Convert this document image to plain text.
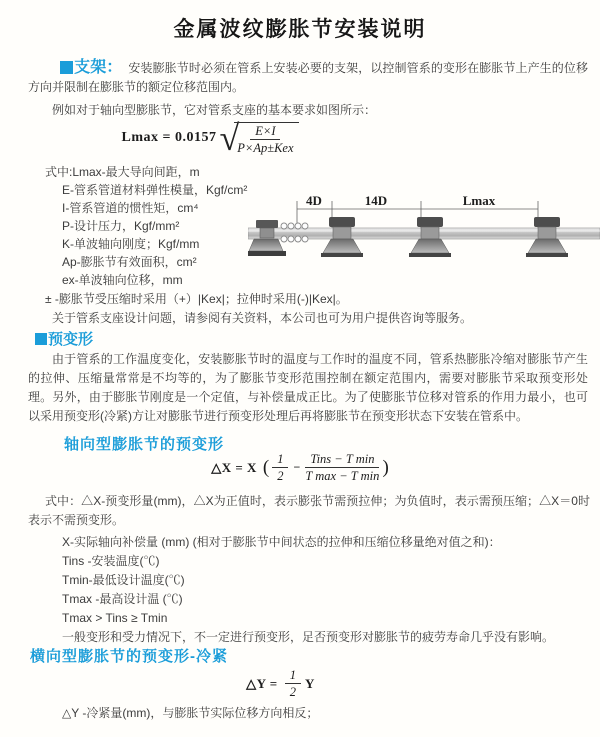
金属波纹膨胀节安装说明

支架： 安装膨胀节时必须在管系上安装必要的支架，以控制管系的变形在膨胀节上产生的位移方向并限制在膨胀节的额定位移范围内。

例如对于轴向型膨胀节，它对管系支座的基本要求如图所示：

Lmax = 0.0157 √
$\frac{E\times I}{\text{P×Ap±Kex}}$
式中:Lmax-最大导向间距，m
E-管系管道材料弹性模量，Kgf/cm²
I-管系管道的惯性矩，cm⁴
P-设计压力，Kgf/mm²
K-单波轴向刚度；Kgf/mm
Ap-膨胀节有效面积，cm²
ex-单波轴向位移，mm
± -膨胀节受压缩时采用（+）|Kex|；拉伸时采用(-)|Kex|。
关于管系支座设计问题，请参阅有关资料，本公司也可为用户提供咨询等服务。
4D	14D	Lmax
预变形

由于管系的工作温度变化，安装膨胀节时的温度与工作时的温度不同，管系热膨胀冷缩对膨胀节产生的拉伸、压缩量常常是不均等的，为了膨胀节变形范围控制在额定范围内，需要对膨胀节采取预变形处理。另外，由于膨胀节刚度是一个定值，与补偿量成正比。为了使膨胀节位移对管系的作用力最小，也可以采用预变形(冷紧)方让对膨胀节进行预变形处理后再将膨胀节在预变形状态下安装在管系中。

轴向型膨胀节的预变形
△X = X ( $\frac{1}{2} - \frac{\text{Tins − T min}}{\text{T max − T min}}$ )

式中：△X-预变形量(mm)，△X为正值时，表示膨张节需预拉伸；为负值时，表示需预压缩；△X＝0时表示不需预变形。

X-实际轴向补偿量 (mm) (相对于膨胀节中间状态的拉伸和压缩位移量绝对值之和)：
Tins -安装温度(℃)
Tmin-最低设计温度(℃)
Tmax -最高设计温 (℃)
Tmax > Tins ≥ Tmin
一般变形和受力情况下，不一定进行预变形，足否预变形对膨胀节的疲劳寿命几乎没有影响。
横向型膨胀节的预变形-冷紧
△Y = $\frac{1}{2}$ Y
△Y -冷紧量(mm)，与膨胀节实际位移方向相反；
